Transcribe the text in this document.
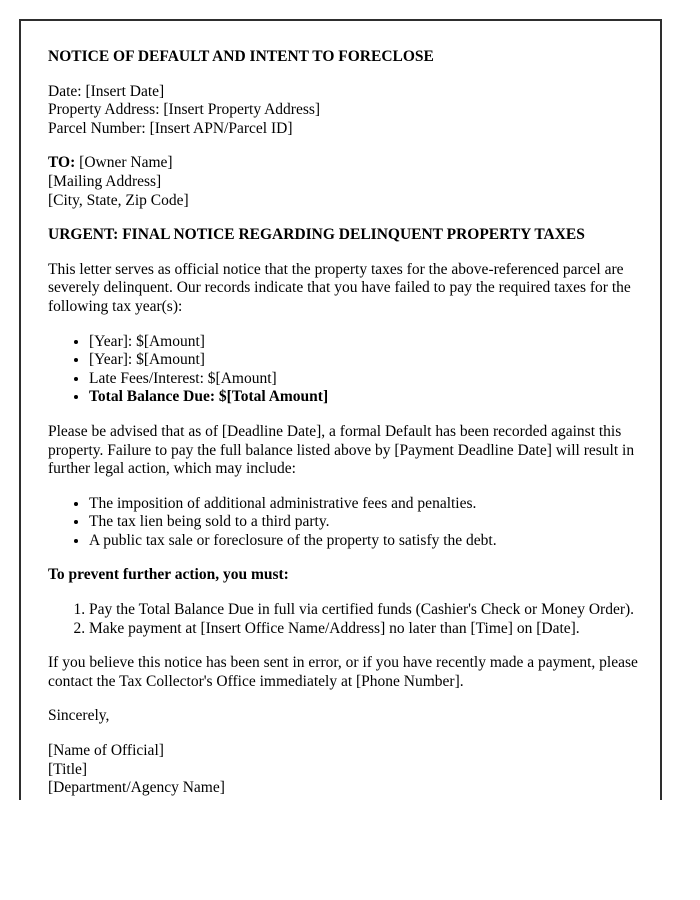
NOTICE OF DEFAULT AND INTENT TO FORECLOSE
Date: [Insert Date]
Property Address: [Insert Property Address]
Parcel Number: [Insert APN/Parcel ID]
TO: [Owner Name]
[Mailing Address]
[City, State, Zip Code]
URGENT: FINAL NOTICE REGARDING DELINQUENT PROPERTY TAXES

This letter serves as official notice that the property taxes for the above-referenced parcel are severely delinquent. Our records indicate that you have failed to pay the required taxes for the following tax year(s):

• [Year]: $[Amount]
• [Year]: $[Amount]
• Late Fees/Interest: $[Amount]
• Total Balance Due: $[Total Amount]

Please be advised that as of [Deadline Date], a formal Default has been recorded against this property. Failure to pay the full balance listed above by [Payment Deadline Date] will result in further legal action, which may include:

• The imposition of additional administrative fees and penalties.
• The tax lien being sold to a third party.
• A public tax sale or foreclosure of the property to satisfy the debt.
To prevent further action, you must:
1. Pay the Total Balance Due in full via certified funds (Cashier's Check or Money Order).
2. Make payment at [Insert Office Name/Address] no later than [Time] on [Date].

If you believe this notice has been sent in error, or if you have recently made a payment, please contact the Tax Collector's Office immediately at [Phone Number].

Sincerely,

[Name of Official]
[Title]
[Department/Agency Name]
